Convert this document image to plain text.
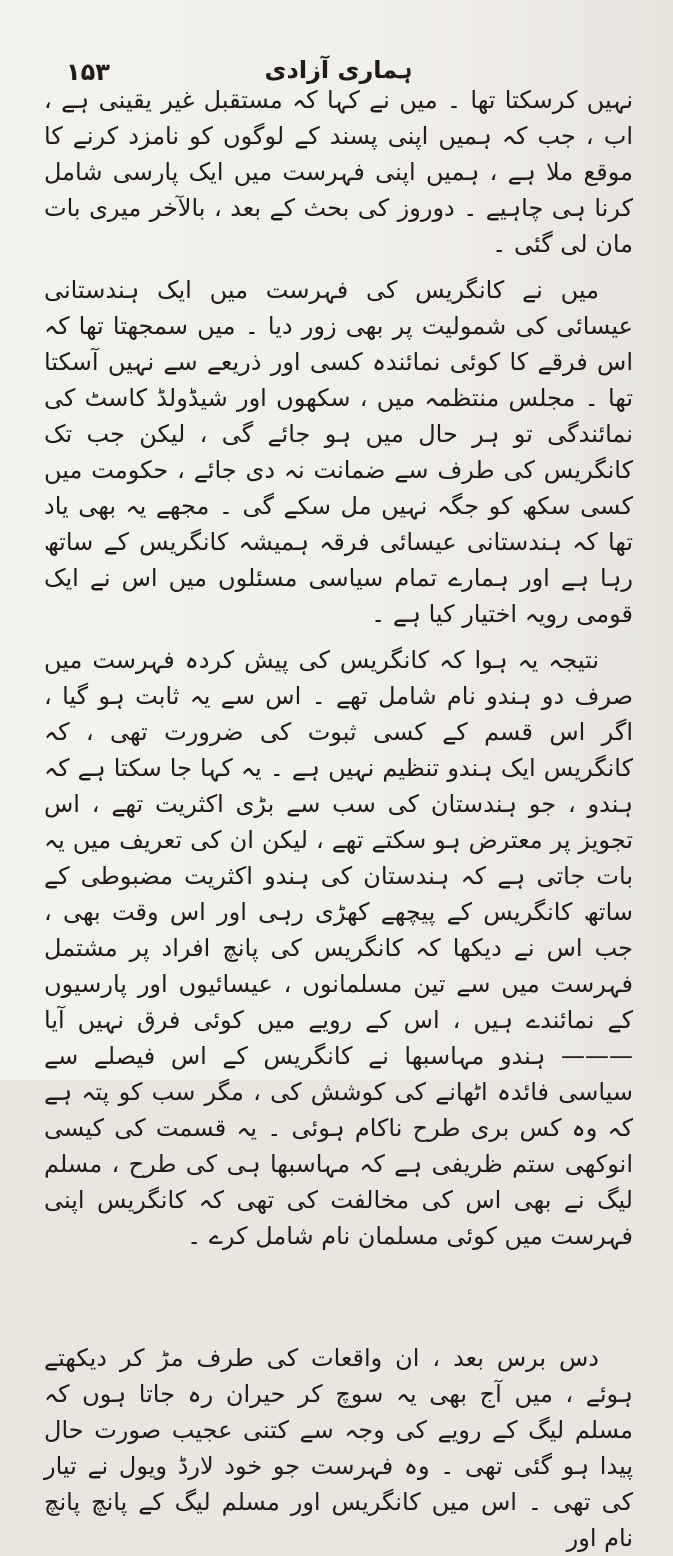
۱۵۳	ہماری آزادی

نہیں کرسکتا تھا ۔ میں نے کہا کہ مستقبل غیر یقینی ہے ، اب ، جب کہ ہمیں اپنی پسند کے لوگوں کو نامزد کرنے کا موقع ملا ہے ، ہمیں اپنی فہرست میں ایک پارسی شامل کرنا ہی چاہیے ۔ دوروز کی بحث کے بعد ، بالآخر میری بات مان لی گئی ۔

میں نے کانگریس کی فہرست میں ایک ہندستانی عیسائی کی شمولیت پر بھی زور دیا ۔ میں سمجھتا تھا کہ اس فرقے کا کوئی نمائندہ کسی اور ذریعے سے نہیں آسکتا تھا ۔ مجلس منتظمہ میں ، سکھوں اور شیڈولڈ کاسٹ کی نمائندگی تو ہر حال میں ہو جائے گی ، لیکن جب تک کانگریس کی طرف سے ضمانت نہ دی جائے ، حکومت میں کسی سکھ کو جگہ نہیں مل سکے گی ۔ مجھے یہ بھی یاد تھا کہ ہندستانی عیسائی فرقہ ہمیشہ کانگریس کے ساتھ رہا ہے اور ہمارے تمام سیاسی مسئلوں میں اس نے ایک قومی رویہ اختیار کیا ہے ۔

نتیجہ یہ ہوا کہ کانگریس کی پیش کردہ فہرست میں صرف دو ہندو نام شامل تھے ۔ اس سے یہ ثابت ہو گیا ، اگر اس قسم کے کسی ثبوت کی ضرورت تھی ، کہ کانگریس ایک ہندو تنظیم نہیں ہے ۔ یہ کہا جا سکتا ہے کہ ہندو ، جو ہندستان کی سب سے بڑی اکثریت تھے ، اس تجویز پر معترض ہو سکتے تھے ، لیکن ان کی تعریف میں یہ بات جاتی ہے کہ ہندستان کی ہندو اکثریت مضبوطی کے ساتھ کانگریس کے پیچھے کھڑی رہی اور اس وقت بھی ، جب اس نے دیکھا کہ کانگریس کی پانچ افراد پر مشتمل فہرست میں سے تین مسلمانوں ، عیسائیوں اور پارسیوں کے نمائندے ہیں ، اس کے رویے میں کوئی فرق نہیں آیا ——— ہندو مہاسبھا نے کانگریس کے اس فیصلے سے سیاسی فائدہ اٹھانے کی کوشش کی ، مگر سب کو پتہ ہے کہ وہ کس بری طرح ناکام ہوئی ۔ یہ قسمت کی کیسی انوکھی ستم ظریفی ہے کہ مہاسبھا ہی کی طرح ، مسلم لیگ نے بھی اس کی مخالفت کی تھی کہ کانگریس اپنی فہرست میں کوئی مسلمان نام شامل کرے ۔

دس برس بعد ، ان واقعات کی طرف مڑ کر دیکھتے ہوئے ، میں آج بھی یہ سوچ کر حیران رہ جاتا ہوں کہ مسلم لیگ کے رویے کی وجہ سے کتنی عجیب صورت حال پیدا ہو گئی تھی ۔ وہ فہرست جو خود لارڈ ویول نے تیار کی تھی ۔ اس میں کانگریس اور مسلم لیگ کے پانچ پانچ نام اور
